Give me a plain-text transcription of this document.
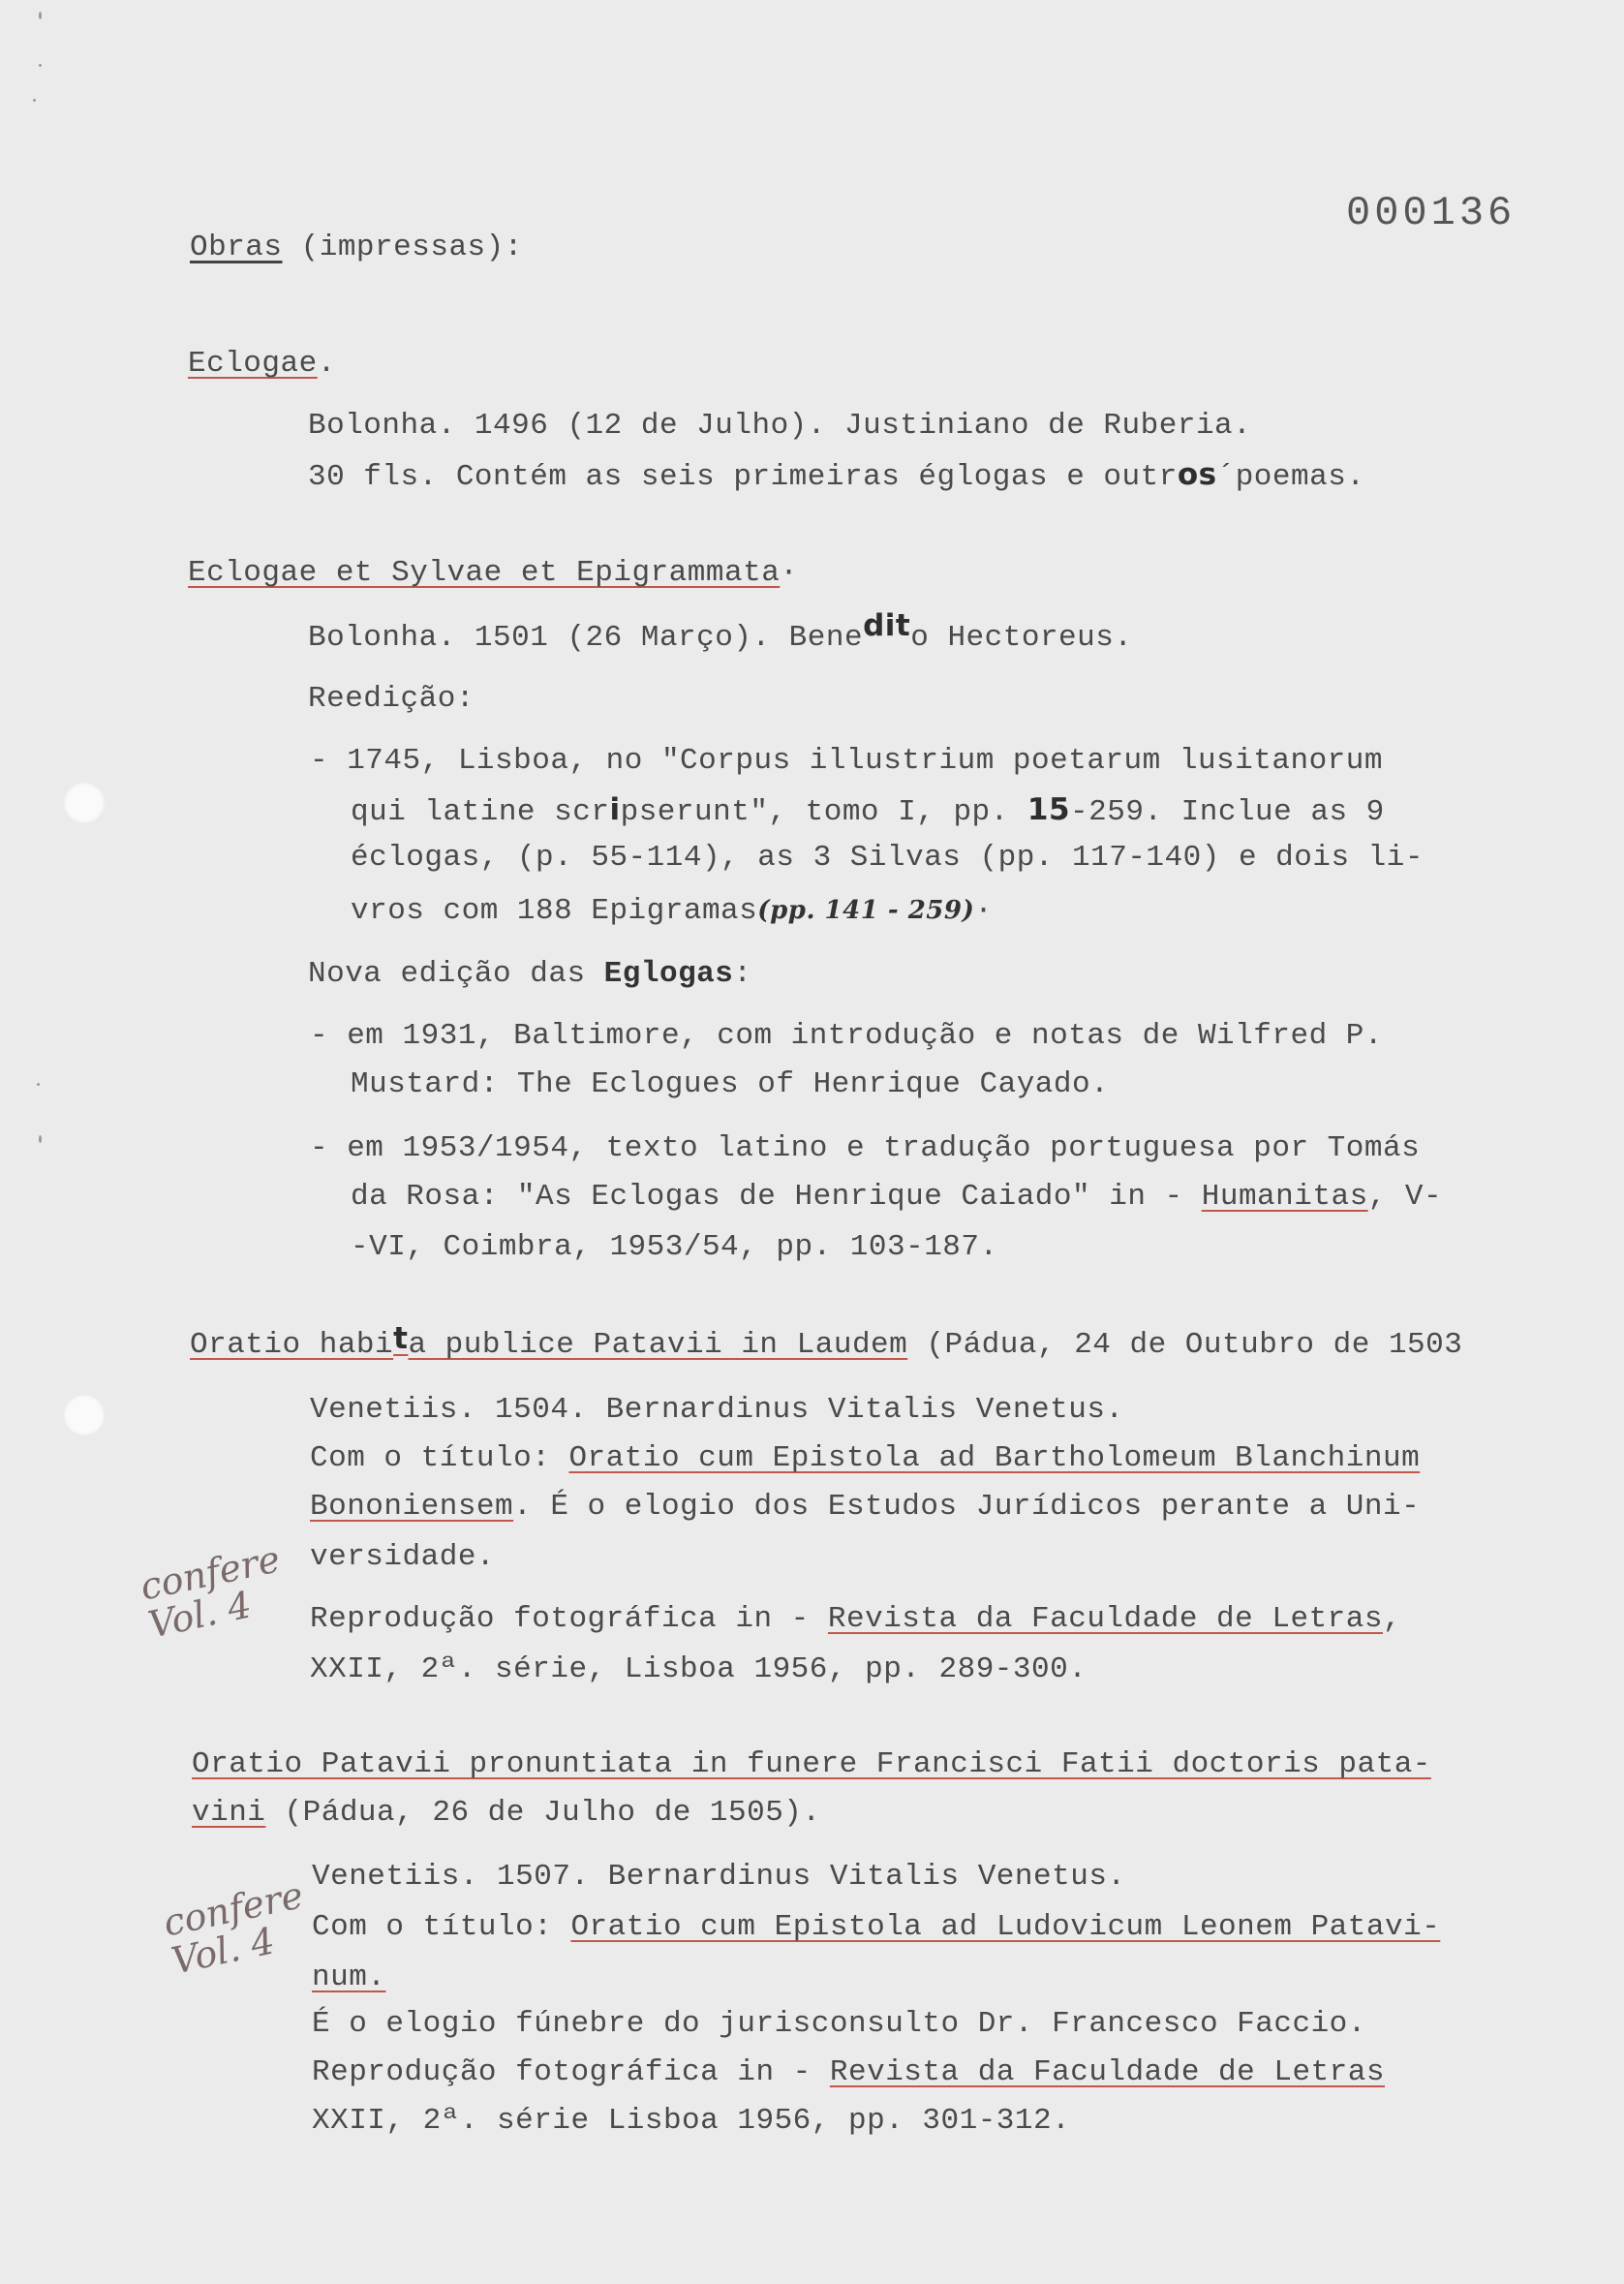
000136
Obras (impressas):
Eclogae.
Bolonha. 1496 (12 de Julho). Justiniano de Ruberia.
30 fls. Contém as seis primeiras églogas e outros´poemas.
Eclogae et Sylvae et Epigrammata·
Bolonha. 1501 (26 Março). Benedito Hectoreus.
Reedição:
- 1745, Lisboa, no "Corpus illustrium poetarum lusitanorum
qui latine scripserunt", tomo I, pp. 15-259. Inclue as 9
éclogas, (p. 55-114), as 3 Silvas (pp. 117-140) e dois li-
vros com 188 Epigramas(pp. 141 - 259)·
Nova edição das Eglogas:
- em 1931, Baltimore, com introdução e notas de Wilfred P.
Mustard: The Eclogues of Henrique Cayado.
- em 1953/1954, texto latino e tradução portuguesa por Tomás
da Rosa: "As Eclogas de Henrique Caiado" in - Humanitas, V-
-VI, Coimbra, 1953/54, pp. 103-187.
Oratio habita publice Patavii in Laudem (Pádua, 24 de Outubro de 1503
Venetiis. 1504. Bernardinus Vitalis Venetus.
Com o título: Oratio cum Epistola ad Bartholomeum Blanchinum
Bononiensem. É o elogio dos Estudos Jurídicos perante a Uni-
versidade.
Reprodução fotográfica in - Revista da Faculdade de Letras,
XXII, 2ª. série, Lisboa 1956, pp. 289-300.
confere Vol. 4
Oratio Patavii pronuntiata in funere Francisci Fatii doctoris pata-
vini (Pádua, 26 de Julho de 1505).
Venetiis. 1507. Bernardinus Vitalis Venetus.
Com o título: Oratio cum Epistola ad Ludovicum Leonem Patavi-
num.
É o elogio fúnebre do jurisconsulto Dr. Francesco Faccio.
Reprodução fotográfica in - Revista da Faculdade de Letras
XXII, 2ª. série Lisboa 1956, pp. 301-312.
confere Vol. 4
